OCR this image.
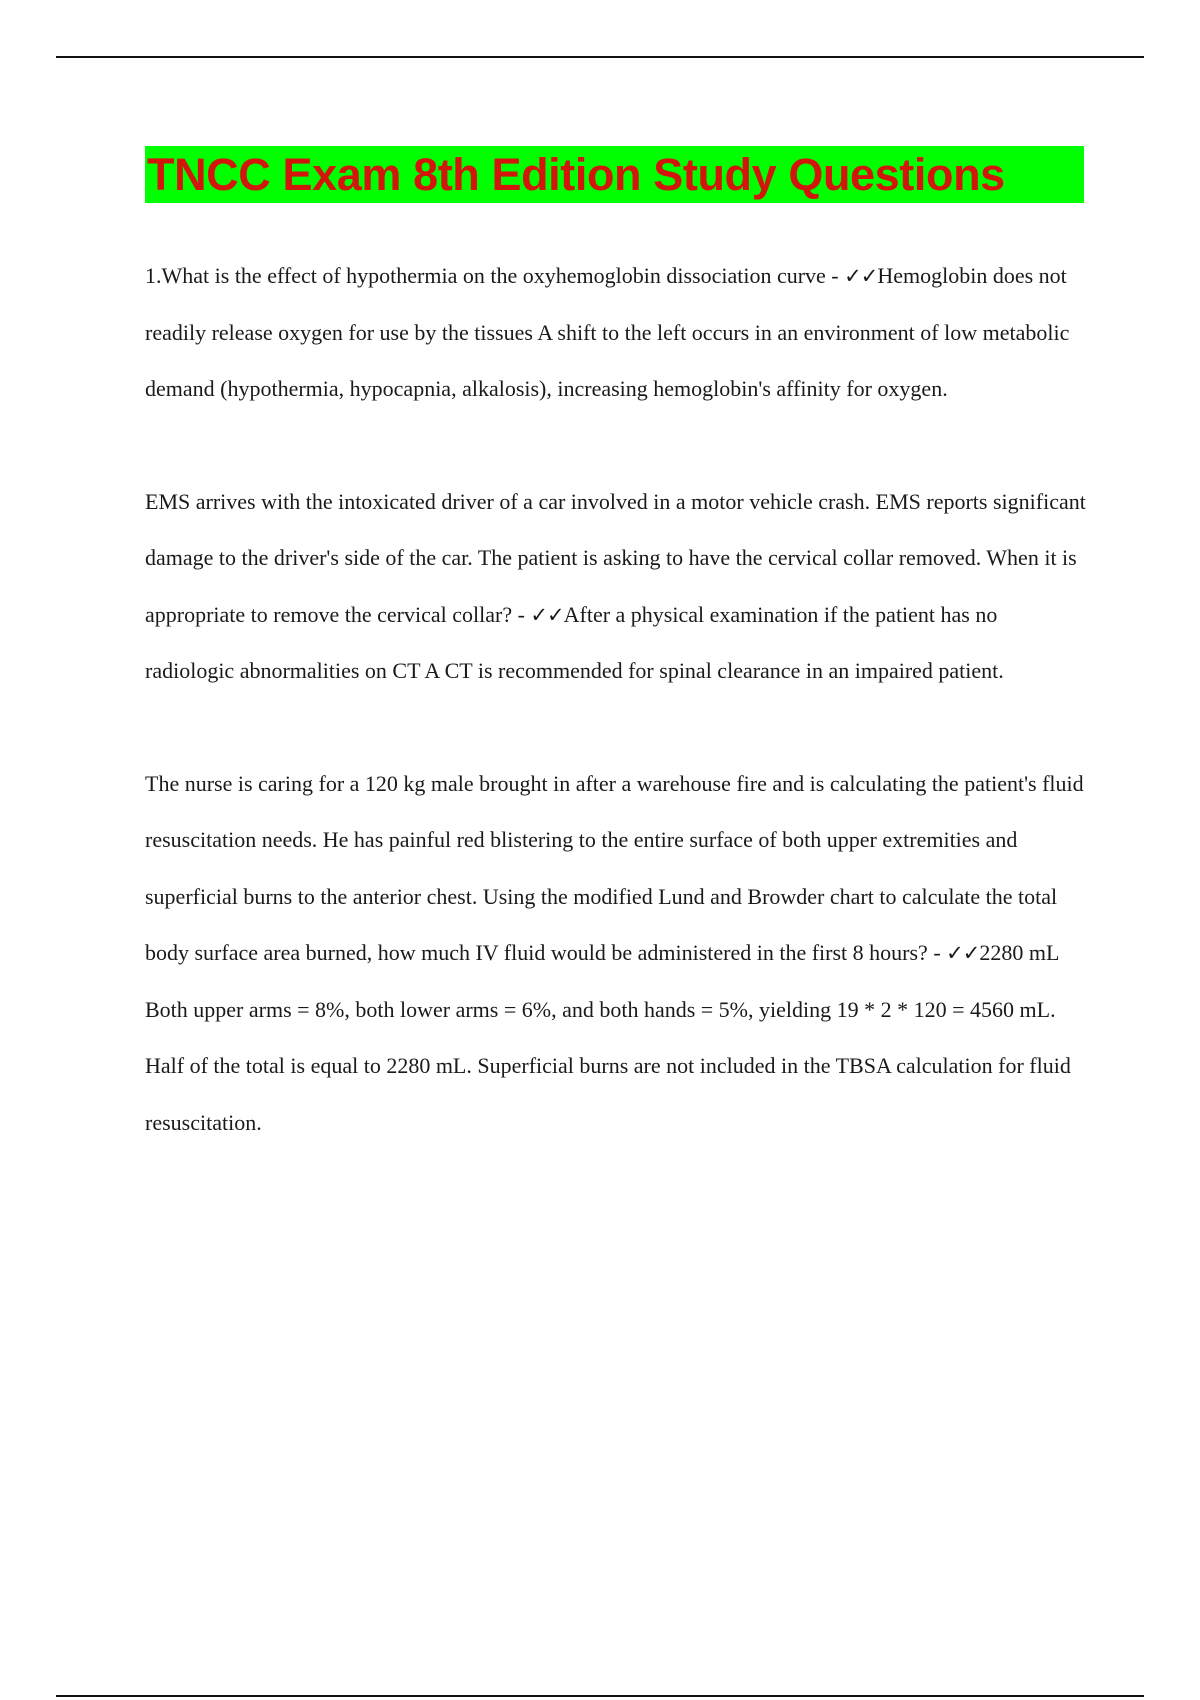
TNCC Exam 8th Edition Study Questions

1.What is the effect of hypothermia on the oxyhemoglobin dissociation curve - ✓✓Hemoglobin does not readily release oxygen for use by the tissues A shift to the left occurs in an environment of low metabolic demand (hypothermia, hypocapnia, alkalosis), increasing hemoglobin's affinity for oxygen.

EMS arrives with the intoxicated driver of a car involved in a motor vehicle crash. EMS reports significant damage to the driver's side of the car. The patient is asking to have the cervical collar removed. When it is appropriate to remove the cervical collar? - ✓✓After a physical examination if the patient has no radiologic abnormalities on CT A CT is recommended for spinal clearance in an impaired patient.

The nurse is caring for a 120 kg male brought in after a warehouse fire and is calculating the patient's fluid resuscitation needs. He has painful red blistering to the entire surface of both upper extremities and superficial burns to the anterior chest. Using the modified Lund and Browder chart to calculate the total body surface area burned, how much IV fluid would be administered in the first 8 hours? - ✓✓2280 mL Both upper arms = 8%, both lower arms = 6%, and both hands = 5%, yielding 19 * 2 * 120 = 4560 mL. Half of the total is equal to 2280 mL. Superficial burns are not included in the TBSA calculation for fluid resuscitation.
